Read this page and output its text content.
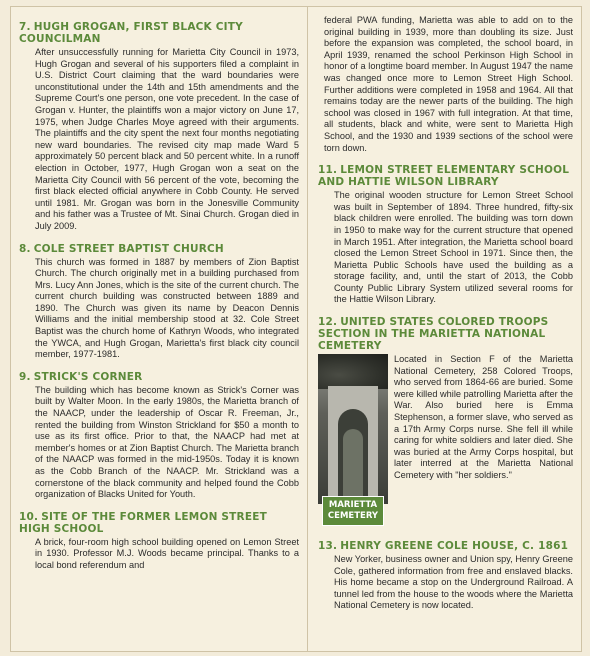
7. HUGH GROGAN, FIRST BLACK CITY COUNCILMAN

After unsuccessfully running for Marietta City Council in 1973, Hugh Grogan and several of his supporters filed a complaint in U.S. District Court claiming that the ward boundaries were unconstitutional under the 14th and 15th amendments and the Supreme Court's one person, one vote precedent. In the case of Grogan v. Hunter, the plaintiffs won a major victory on June 17, 1975, when Judge Charles Moye agreed with their arguments. The plaintiffs and the city spent the next four months negotiating new ward boundaries. The revised city map made Ward 5 approximately 50 percent black and 50 percent white. In a runoff election in October, 1977, Hugh Grogan won a seat on the Marietta City Council with 56 percent of the vote, becoming the first black elected official anywhere in Cobb County. He served until 1981. Mr. Grogan was born in the Jonesville Community and his father was a Trustee of Mt. Sinai Church. Grogan died in July 2009.

8. COLE STREET BAPTIST CHURCH

This church was formed in 1887 by members of Zion Baptist Church. The church originally met in a building purchased from Mrs. Lucy Ann Jones, which is the site of the current church. The current church building was constructed between 1889 and 1890. The Church was given its name by Deacon Dennis Williams and the initial membership stood at 32. Cole Street Baptist was the church home of Kathryn Woods, who integrated the YWCA, and Hugh Grogan, Marietta's first black city council member, 1977-1981.

9. STRICK'S CORNER

The building which has become known as Strick's Corner was built by Walter Moon. In the early 1980s, the Marietta branch of the NAACP, under the leadership of Oscar R. Freeman, Jr., rented the building from Winston Strickland for $50 a month to use as its first office. Prior to that, the NAACP had met at member's homes or at Zion Baptist Church. The Marietta branch of the NAACP was formed in the mid-1950s. Today it is known as the Cobb Branch of the NAACP. Mr. Strickland was a cornerstone of the black community and helped found the Cobb organization of Blacks United for Youth.

10. SITE OF THE FORMER LEMON STREET HIGH SCHOOL

A brick, four-room high school building opened on Lemon Street in 1930. Professor M.J. Woods became principal. Thanks to a local bond referendum and

federal PWA funding, Marietta was able to add on to the original building in 1939, more than doubling its size. Just before the expansion was completed, the school board, in April 1939, renamed the school Perkinson High School in honor of a longtime board member. In August 1947 the name was changed once more to Lemon Street High School. Further additions were completed in 1958 and 1964. All that remains today are the newer parts of the building. The high school was closed in 1967 with full integration. At that time, all students, black and white, were sent to Marietta High School, and the 1930 and 1939 sections of the school were torn down.

11. LEMON STREET ELEMENTARY SCHOOL AND HATTIE WILSON LIBRARY

The original wooden structure for Lemon Street School was built in September of 1894. Three hundred, fifty-six black children were enrolled. The building was torn down in 1950 to make way for the current structure that opened in March 1951. After integration, the Marietta school board closed the Lemon Street School in 1971. Since then, the Marietta Public Schools have used the building as a storage facility, and, until the start of 2013, the Cobb County Public Library System utilized several rooms for the Hattie Wilson Library.

12. UNITED STATES COLORED TROOPS SECTION IN THE MARIETTA NATIONAL CEMETERY
MARIETTA
CEMETERY

Located in Section F of the Marietta National Cemetery, 258 Colored Troops, who served from 1864-66 are buried. Some were killed while patrolling Marietta after the War. Also buried here is Emma Stephenson, a former slave, who served as a 17th Army Corps nurse. She fell ill while caring for white soldiers and later died. She was buried at the Army Corps hospital, but later interred at the Marietta National Cemetery with "her soldiers."

13. HENRY GREENE COLE HOUSE, C. 1861

New Yorker, business owner and Union spy, Henry Greene Cole, gathered information from free and enslaved blacks. His home became a stop on the Underground Railroad. A tunnel led from the house to the woods where the Marietta National Cemetery is now located.
